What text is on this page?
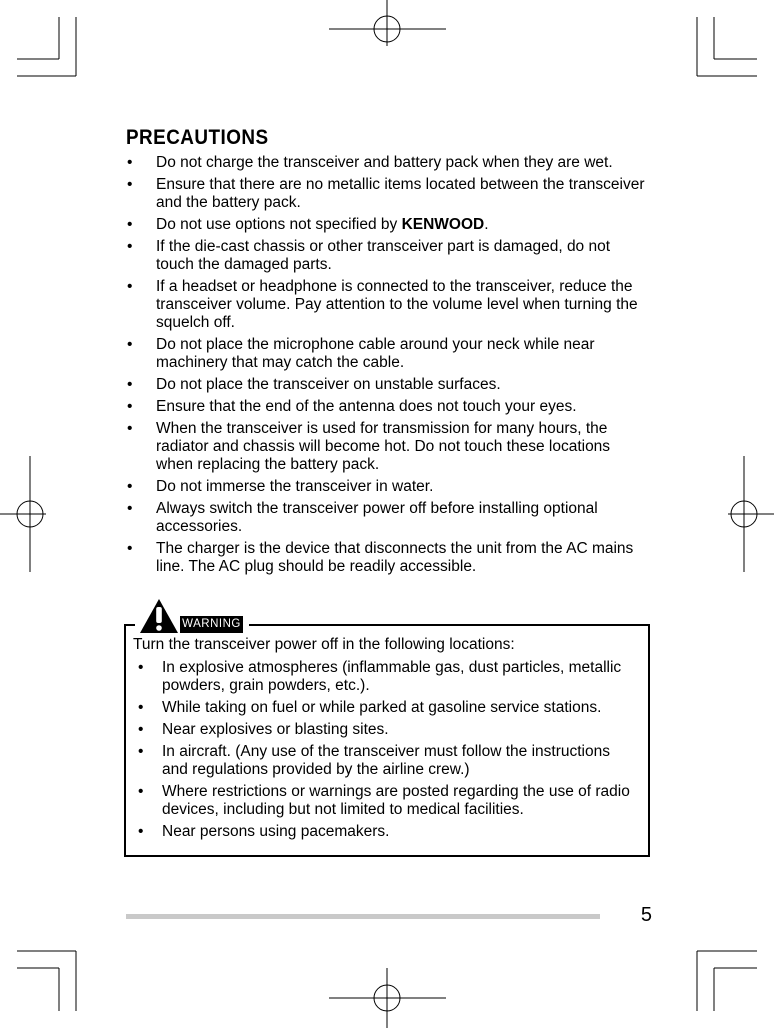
PRECAUTIONS
• Do not charge the transceiver and battery pack when they are wet.
• Ensure that there are no metallic items located between the transceiver and the battery pack.
• Do not use options not specified by KENWOOD.
• If the die-cast chassis or other transceiver part is damaged, do not touch the damaged parts.
• If a headset or headphone is connected to the transceiver, reduce the transceiver volume. Pay attention to the volume level when turning the squelch off.
• Do not place the microphone cable around your neck while near machinery that may catch the cable.
• Do not place the transceiver on unstable surfaces.
• Ensure that the end of the antenna does not touch your eyes.
• When the transceiver is used for transmission for many hours, the radiator and chassis will become hot. Do not touch these locations when replacing the battery pack.
• Do not immerse the transceiver in water.
• Always switch the transceiver power off before installing optional accessories.
• The charger is the device that disconnects the unit from the AC mains line. The AC plug should be readily accessible.
WARNING

Turn the transceiver power off in the following locations:

• In explosive atmospheres (inflammable gas, dust particles, metallic powders, grain powders, etc.).
• While taking on fuel or while parked at gasoline service stations.
• Near explosives or blasting sites.
• In aircraft. (Any use of the transceiver must follow the instructions and regulations provided by the airline crew.)
• Where restrictions or warnings are posted regarding the use of radio devices, including but not limited to medical facilities.
• Near persons using pacemakers.
5
